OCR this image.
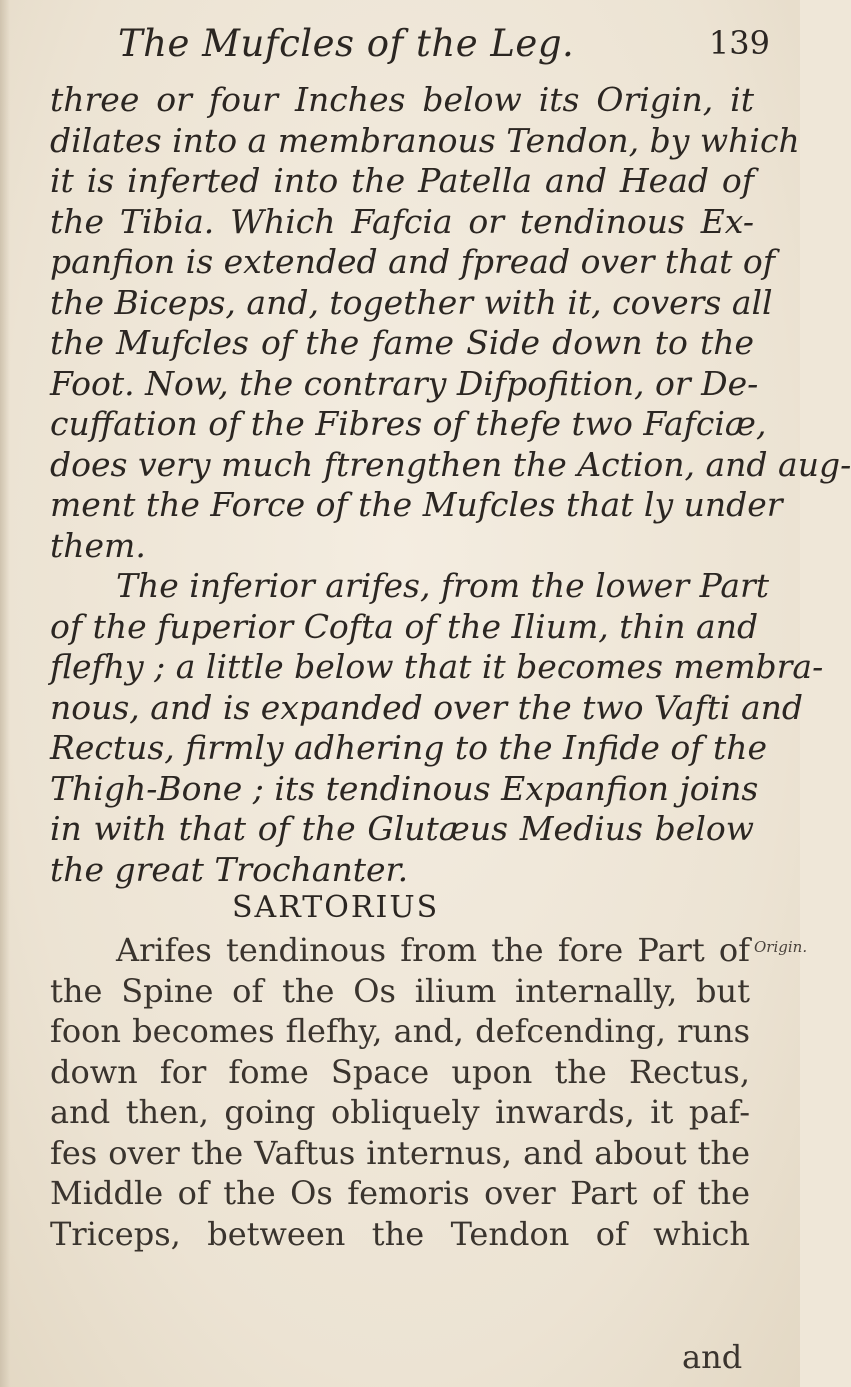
The Mufcles of the Leg.	139
three or four Inches below its Origin, it
dilates into a membranous Tendon, by which
it is inferted into the Patella and Head of
the Tibia. Which Fafcia or tendinous Ex-
panfion is extended and fpread over that of
the Biceps, and, together with it, covers all
the Mufcles of the fame Side down to the
Foot. Now, the contrary Difpofition, or De-
cuffation of the Fibres of thefe two Fafciæ,
does very much ftrengthen the Action, and aug-
ment the Force of the Mufcles that ly under
them.
The inferior arifes, from the lower Part
of the fuperior Cofta of the Ilium, thin and
flefhy ; a little below that it becomes membra-
nous, and is expanded over the two Vafti and
Rectus, firmly adhering to the Infide of the
Thigh-Bone ; its tendinous Expanfion joins
in with that of the Glutæus Medius below
the great Trochanter.
SARTORIUS
Origin.
Arifes tendinous from the fore Part of
the Spine of the Os ilium internally, but
foon becomes flefhy, and, defcending, runs
down for fome Space upon the Rectus,
and then, going obliquely inwards, it paf-
fes over the Vaftus internus, and about the
Middle of the Os femoris over Part of the
Triceps, between the Tendon of which
and
